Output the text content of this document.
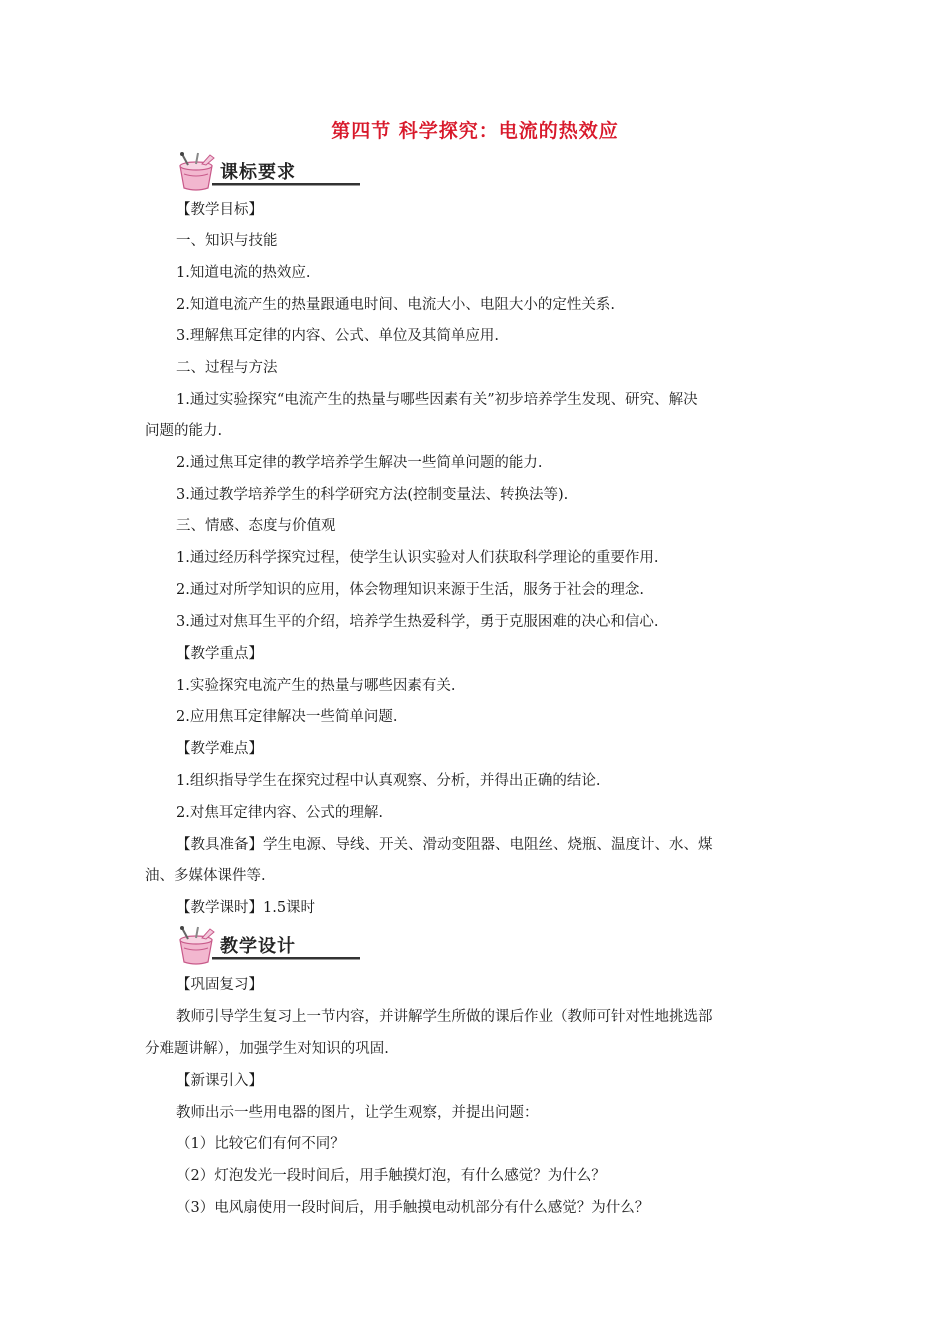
第四节 科学探究：电流的热效应
课标要求
教学设计
【教学目标】
一、知识与技能
1.知道电流的热效应.
2.知道电流产生的热量跟通电时间、电流大小、电阻大小的定性关系.
3.理解焦耳定律的内容、公式、单位及其简单应用.
二、过程与方法
1.通过实验探究“电流产生的热量与哪些因素有关”初步培养学生发现、研究、解决
问题的能力.
2.通过焦耳定律的教学培养学生解决一些简单问题的能力.
3.通过教学培养学生的科学研究方法(控制变量法、转换法等).
三、情感、态度与价值观
1.通过经历科学探究过程，使学生认识实验对人们获取科学理论的重要作用.
2.通过对所学知识的应用，体会物理知识来源于生活，服务于社会的理念.
3.通过对焦耳生平的介绍，培养学生热爱科学，勇于克服困难的决心和信心.
【教学重点】
1.实验探究电流产生的热量与哪些因素有关.
2.应用焦耳定律解决一些简单问题.
【教学难点】
1.组织指导学生在探究过程中认真观察、分析，并得出正确的结论.
2.对焦耳定律内容、公式的理解.
【教具准备】学生电源、导线、开关、滑动变阻器、电阻丝、烧瓶、温度计、水、煤
油、多媒体课件等.
【教学课时】1.5课时
【巩固复习】
教师引导学生复习上一节内容，并讲解学生所做的课后作业（教师可针对性地挑选部
分难题讲解），加强学生对知识的巩固.
【新课引入】
教师出示一些用电器的图片，让学生观察，并提出问题：
（1）比较它们有何不同？
（2）灯泡发光一段时间后，用手触摸灯泡，有什么感觉？为什么？
（3）电风扇使用一段时间后，用手触摸电动机部分有什么感觉？为什么？
